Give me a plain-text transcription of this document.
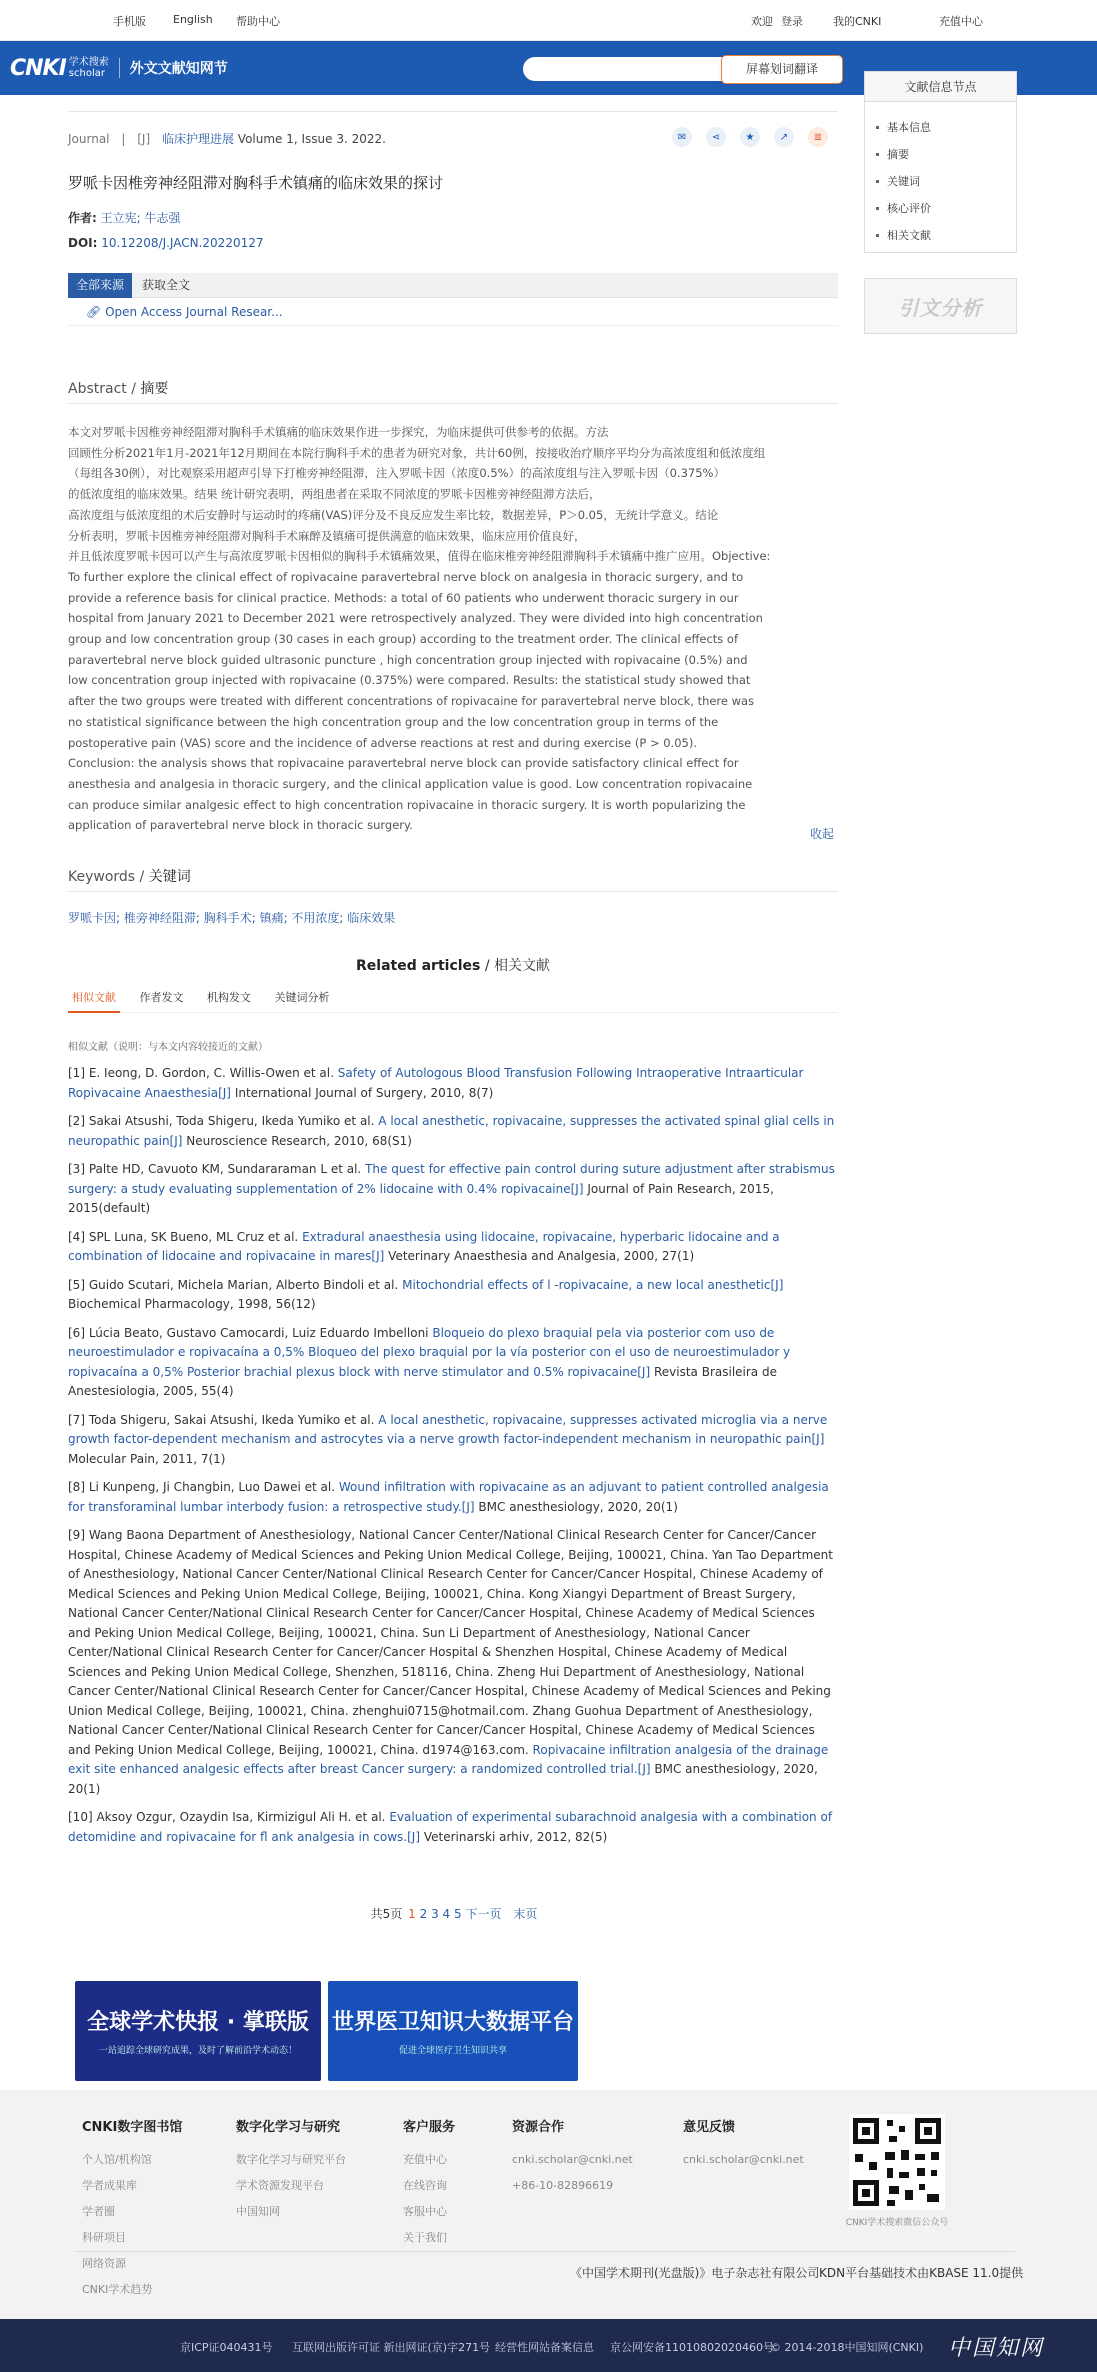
手机版 English 帮助中心	欢迎 登录	我的CNKI	充值中心
CNKI 学术搜索
scholar 外文文献知网节
Journal | [J] 临床护理进展 Volume 1, Issue 3. 2022.	✉	⋖	★	↗	≣
罗哌卡因椎旁神经阻滞对胸科手术镇痛的临床效果的探讨
作者: 王立宪; 牛志强
DOI: 10.12208/J.JACN.20220127
全部来源	获取全文
🔗︎ Open Access Journal Resear...
Abstract / 摘要
本文对罗哌卡因椎旁神经阻滞对胸科手术镇痛的临床效果作进一步探究，为临床提供可供参考的依据。方法
回顾性分析2021年1月-2021年12月期间在本院行胸科手术的患者为研究对象，共计60例，按接收治疗顺序平均分为高浓度组和低浓度组
（每组各30例），对比观察采用超声引导下打椎旁神经阻滞，注入罗哌卡因（浓度0.5%）的高浓度组与注入罗哌卡因（0.375%）
的低浓度组的临床效果。结果 统计研究表明，两组患者在采取不同浓度的罗哌卡因椎旁神经阻滞方法后，
高浓度组与低浓度组的术后安静时与运动时的疼痛(VAS)评分及不良反应发生率比较，数据差异，P＞0.05，无统计学意义。结论
分析表明，罗哌卡因椎旁神经阻滞对胸科手术麻醉及镇痛可提供满意的临床效果，临床应用价值良好，
并且低浓度罗哌卡因可以产生与高浓度罗哌卡因相似的胸科手术镇痛效果，值得在临床椎旁神经阻滞胸科手术镇痛中推广应用。Objective:
To further explore the clinical effect of ropivacaine paravertebral nerve block on analgesia in thoracic surgery, and to
provide a reference basis for clinical practice. Methods: a total of 60 patients who underwent thoracic surgery in our
hospital from January 2021 to December 2021 were retrospectively analyzed. They were divided into high concentration
group and low concentration group (30 cases in each group) according to the treatment order. The clinical effects of
paravertebral nerve block guided ultrasonic puncture , high concentration group injected with ropivacaine (0.5%) and
low concentration group injected with ropivacaine (0.375%) were compared. Results: the statistical study showed that
after the two groups were treated with different concentrations of ropivacaine for paravertebral nerve block, there was
no statistical significance between the high concentration group and the low concentration group in terms of the
postoperative pain (VAS) score and the incidence of adverse reactions at rest and during exercise (P > 0.05).
Conclusion: the analysis shows that ropivacaine paravertebral nerve block can provide satisfactory clinical effect for
anesthesia and analgesia in thoracic surgery, and the clinical application value is good. Low concentration ropivacaine
can produce similar analgesic effect to high concentration ropivacaine in thoracic surgery. It is worth popularizing the
application of paravertebral nerve block in thoracic surgery.
收起
Keywords / 关键词
罗哌卡因; 椎旁神经阻滞; 胸科手术; 镇痛; 不用浓度; 临床效果
Related articles / 相关文献
相似文献 作者发文 机构发文 关键词分析
相似文献（说明：与本文内容较接近的文献）
[1] E. Ieong, D. Gordon, C. Willis-Owen et al. Safety of Autologous Blood Transfusion Following Intraoperative Intraarticular Ropivacaine Anaesthesia[J] International Journal of Surgery, 2010, 8(7)
[2] Sakai Atsushi, Toda Shigeru, Ikeda Yumiko et al. A local anesthetic, ropivacaine, suppresses the activated spinal glial cells in neuropathic pain[J] Neuroscience Research, 2010, 68(S1)
[3] Palte HD, Cavuoto KM, Sundararaman L et al. The quest for effective pain control during suture adjustment after strabismus surgery: a study evaluating supplementation of 2% lidocaine with 0.4% ropivacaine[J] Journal of Pain Research, 2015, 2015(default)
[4] SPL Luna, SK Bueno, ML Cruz et al. Extradural anaesthesia using lidocaine, ropivacaine, hyperbaric lidocaine and a combination of lidocaine and ropivacaine in mares[J] Veterinary Anaesthesia and Analgesia, 2000, 27(1)
[5] Guido Scutari, Michela Marian, Alberto Bindoli et al. Mitochondrial effects of l -ropivacaine, a new local anesthetic[J] Biochemical Pharmacology, 1998, 56(12)
[6] Lúcia Beato, Gustavo Camocardi, Luiz Eduardo Imbelloni Bloqueio do plexo braquial pela via posterior com uso de neuroestimulador e ropivacaína a 0,5% Bloqueo del plexo braquial por la vía posterior con el uso de neuroestimulador y ropivacaína a 0,5% Posterior brachial plexus block with nerve stimulator and 0.5% ropivacaine[J] Revista Brasileira de Anestesiologia, 2005, 55(4)
[7] Toda Shigeru, Sakai Atsushi, Ikeda Yumiko et al. A local anesthetic, ropivacaine, suppresses activated microglia via a nerve growth factor-dependent mechanism and astrocytes via a nerve growth factor-independent mechanism in neuropathic pain[J] Molecular Pain, 2011, 7(1)
[8] Li Kunpeng, Ji Changbin, Luo Dawei et al. Wound infiltration with ropivacaine as an adjuvant to patient controlled analgesia for transforaminal lumbar interbody fusion: a retrospective study.[J] BMC anesthesiology, 2020, 20(1)
[9] Wang Baona Department of Anesthesiology, National Cancer Center/National Clinical Research Center for Cancer/Cancer Hospital, Chinese Academy of Medical Sciences and Peking Union Medical College, Beijing, 100021, China. Yan Tao Department of Anesthesiology, National Cancer Center/National Clinical Research Center for Cancer/Cancer Hospital, Chinese Academy of Medical Sciences and Peking Union Medical College, Beijing, 100021, China. Kong Xiangyi Department of Breast Surgery, National Cancer Center/National Clinical Research Center for Cancer/Cancer Hospital, Chinese Academy of Medical Sciences and Peking Union Medical College, Beijing, 100021, China. Sun Li Department of Anesthesiology, National Cancer Center/National Clinical Research Center for Cancer/Cancer Hospital & Shenzhen Hospital, Chinese Academy of Medical Sciences and Peking Union Medical College, Shenzhen, 518116, China. Zheng Hui Department of Anesthesiology, National Cancer Center/National Clinical Research Center for Cancer/Cancer Hospital, Chinese Academy of Medical Sciences and Peking Union Medical College, Beijing, 100021, China. zhenghui0715@hotmail.com. Zhang Guohua Department of Anesthesiology, National Cancer Center/National Clinical Research Center for Cancer/Cancer Hospital, Chinese Academy of Medical Sciences and Peking Union Medical College, Beijing, 100021, China. d1974@163.com. Ropivacaine infiltration analgesia of the drainage exit site enhanced analgesic effects after breast Cancer surgery: a randomized controlled trial.[J] BMC anesthesiology, 2020, 20(1)
[10] Aksoy Ozgur, Ozaydin Isa, Kirmizigul Ali H. et al. Evaluation of experimental subarachnoid analgesia with a combination of detomidine and ropivacaine for fl ank analgesia in cows.[J] Veterinarski arhiv, 2012, 82(5)
共5页 1 2 3 4 5 下一页 末页
屏幕划词翻译
文献信息节点
基本信息
摘要
关键词
核心评价
相关文献
引文分析
全球学术快报 · 掌联版
一站追踪全球研究成果，及时了解前沿学术动态！
世界医卫知识大数据平台
促进全球医疗卫生知识共享
CNKI学术搜索微信公众号
《中国学术期刊(光盘版)》电子杂志社有限公司 KDN平台基础技术由KBASE 11.0提供
CNKI数字图书馆
个人馆/机构馆
学者成果库
学者圈
科研项目
网络资源
CNKI学术趋势
数字化学习与研究
数字化学习与研究平台
学术资源发现平台
中国知网
客户服务
充值中心
在线咨询
客服中心
关于我们
资源合作
cnki.scholar@cnki.net
+86-10-82896619
意见反馈
cnki.scholar@cnki.net
京ICP证040431号 互联网出版许可证 新出网证(京)字271号 经营性网站备案信息 京公网安备11010802020460号
© 2014-2018中国知网(CNKI) 中国知网
